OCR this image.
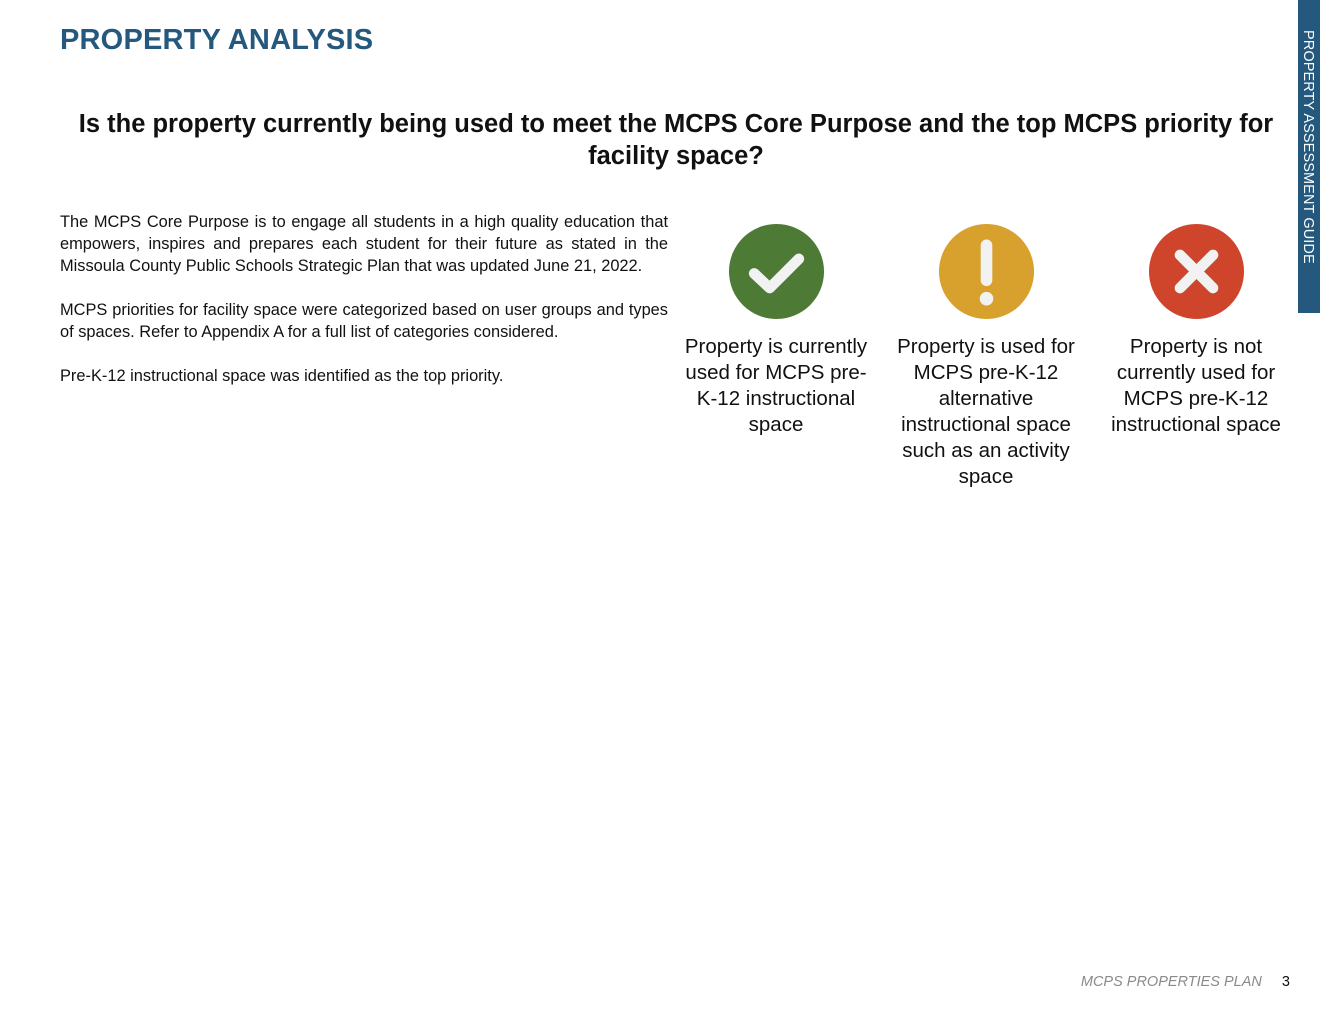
PROPERTY ANALYSIS
Is the property currently being used to meet the MCPS Core Purpose and the top MCPS priority for facility space?

The MCPS Core Purpose is to engage all students in a high quality education that empowers, inspires and prepares each student for their future as stated in the Missoula County Public Schools Strategic Plan that was updated June 21, 2022.

MCPS priorities for facility space were categorized based on user groups and types of spaces. Refer to Appendix A for a full list of categories considered.

Pre-K-12 instructional space was identified as the top priority.

Property is currently used for MCPS pre-K-12 instructional space
Property is used for MCPS pre-K-12 alternative instructional space such as an activity space
Property is not currently used for MCPS pre-K-12 instructional space
PROPERTY ASSESSMENT GUIDE
MCPS PROPERTIES PLAN 3
